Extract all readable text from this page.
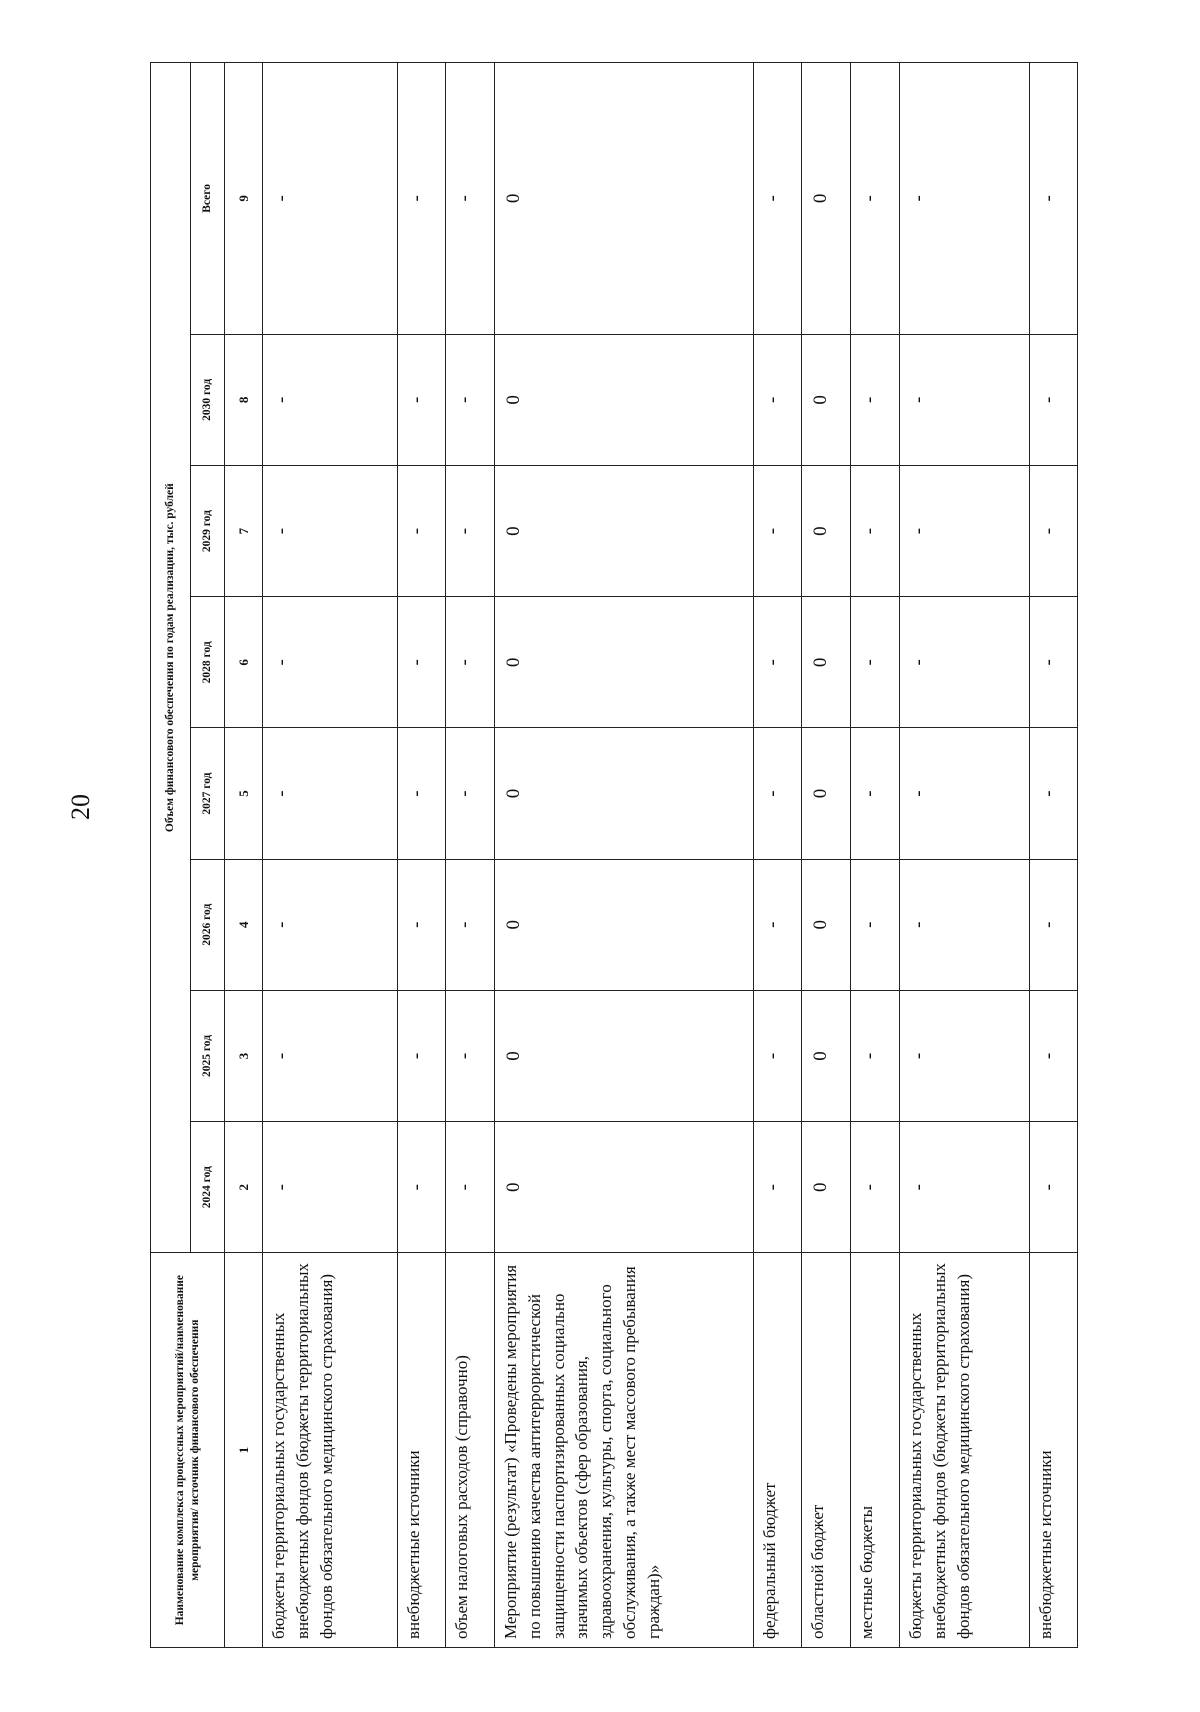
20
Наименование комплекса процессных мероприятий/наименование мероприятия/ источник финансового обеспечения	Объем финансового обеспечения по годам реализации, тыс. рублей							
	2024 год	2025 год	2026 год	2027 год	2028 год	2029 год	2030 год	Всего
1	2	3	4	5	6	7	8	9
бюджеты территориальных государственных внебюджетных фондов (бюджеты территориальных фондов обязательного медицинского страхования)	-	-	-	-	-	-	-	-
внебюджетные источники	-	-	-	-	-	-	-	-
объем налоговых расходов (справочно)	-	-	-	-	-	-	-	-
Мероприятие (результат) «Проведены мероприятия по повышению качества антитеррористической защищенности паспортизированных социально значимых объектов (сфер образования, здравоохранения, культуры, спорта, социального обслуживания, а также мест массового пребывания граждан)»	0	0	0	0	0	0	0	0
федеральный бюджет	-	-	-	-	-	-	-	-
областной бюджет	0	0	0	0	0	0	0	0
местные бюджеты	-	-	-	-	-	-	-	-
бюджеты территориальных государственных внебюджетных фондов (бюджеты территориальных фондов обязательного медицинского страхования)	-	-	-	-	-	-	-	-
внебюджетные источники	-	-	-	-	-	-	-	-
